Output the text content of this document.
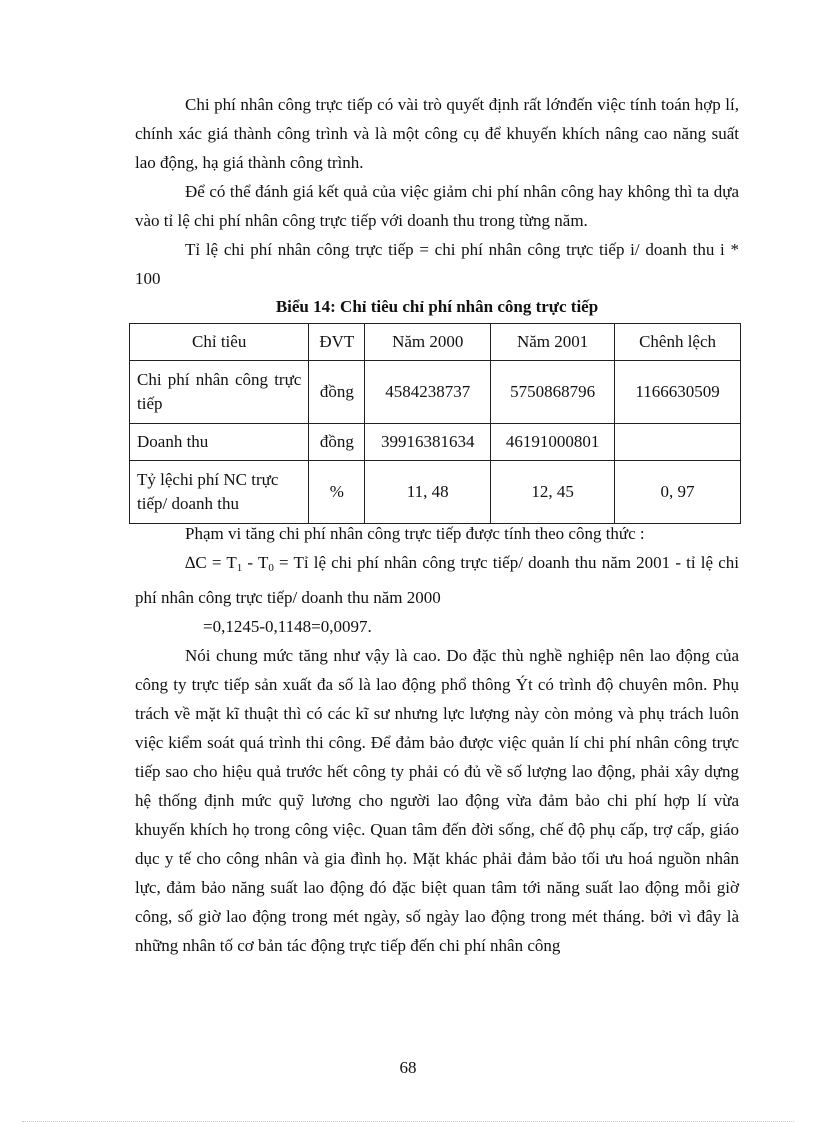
Chi phí nhân công trực tiếp có vài trò quyết định rất lớnđến việc tính toán hợp lí, chính xác giá thành công trình và là một công cụ để khuyến khích nâng cao năng suất lao động, hạ giá thành công trình.

Để có thể đánh giá kết quả của việc giảm chi phí nhân công hay không thì ta dựa vào tỉ lệ chi phí nhân công trực tiếp với doanh thu trong từng năm.

Tỉ lệ chi phí nhân công trực tiếp = chi phí nhân công trực tiếp i/ doanh thu i * 100

Biểu 14: Chỉ tiêu chỉ phí nhân công trực tiếp
Chỉ tiêu	ĐVT	Năm 2000	Năm 2001	Chênh lệch
Chi phí nhân công trực tiếp	đồng	4584238737	5750868796	1166630509
Doanh thu	đồng	39916381634	46191000801	
Tỷ lệchi phí NC trực tiếp/ doanh thu	%	11, 48	12, 45	0, 97

Phạm vi tăng chi phí nhân công trực tiếp được tính theo công thức :

$\Delta C = T_1 - T_0$ = Tỉ lệ chi phí nhân công trực tiếp/ doanh thu năm 2001 - tỉ lệ chi phí nhân công trực tiếp/ doanh thu năm 2000

=0,1245-0,1148=0,0097.

Nói chung mức tăng như vậy là cao. Do đặc thù nghề nghiệp nên lao động của công ty trực tiếp sản xuất đa số là lao động phổ thông Ýt có trình độ chuyên môn. Phụ trách về mặt kĩ thuật thì có các kĩ sư nhưng lực lượng này còn mỏng và phụ trách luôn việc kiểm soát quá trình thi công. Để đảm bảo được việc quản lí chi phí nhân công trực tiếp sao cho hiệu quả trước hết công ty phải có đủ về số lượng lao động, phải xây dựng hệ thống định mức quỹ lương cho người lao động vừa đảm bảo chi phí hợp lí vừa khuyến khích họ trong công việc. Quan tâm đến đời sống, chế độ phụ cấp, trợ cấp, giáo dục y tế cho công nhân và gia đình họ. Mặt khác phải đảm bảo tối ưu hoá nguồn nhân lực, đảm bảo năng suất lao động đó đặc biệt quan tâm tới năng suất lao động mỗi giờ công, số giờ lao động trong mét ngày, số ngày lao động trong mét tháng. bởi vì đây là những nhân tố cơ bản tác động trực tiếp đến chi phí nhân công

68
